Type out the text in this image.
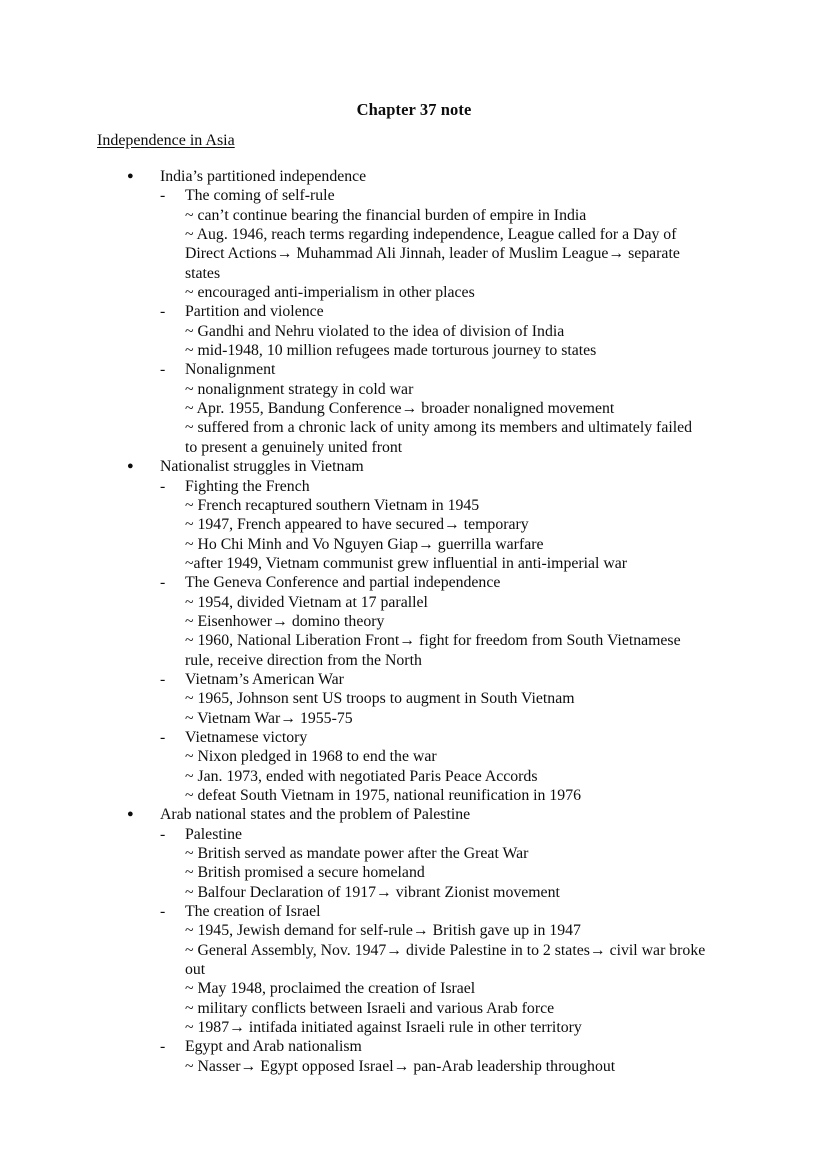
Chapter 37 note
Independence in Asia
● India’s partitioned independence
- The coming of self-rule
~ can’t continue bearing the financial burden of empire in India
~ Aug. 1946, reach terms regarding independence, League called for a Day of Direct Actions→ Muhammad Ali Jinnah, leader of Muslim League→ separate states
~ encouraged anti-imperialism in other places
- Partition and violence
~ Gandhi and Nehru violated to the idea of division of India
~ mid-1948, 10 million refugees made torturous journey to states
- Nonalignment
~ nonalignment strategy in cold war
~ Apr. 1955, Bandung Conference→ broader nonaligned movement
~ suffered from a chronic lack of unity among its members and ultimately failed to present a genuinely united front
● Nationalist struggles in Vietnam
- Fighting the French
~ French recaptured southern Vietnam in 1945
~ 1947, French appeared to have secured→ temporary
~ Ho Chi Minh and Vo Nguyen Giap→ guerrilla warfare
~after 1949, Vietnam communist grew influential in anti-imperial war
- The Geneva Conference and partial independence
~ 1954, divided Vietnam at 17 parallel
~ Eisenhower→ domino theory
~ 1960, National Liberation Front→ fight for freedom from South Vietnamese rule, receive direction from the North
- Vietnam’s American War
~ 1965, Johnson sent US troops to augment in South Vietnam
~ Vietnam War→ 1955-75
- Vietnamese victory
~ Nixon pledged in 1968 to end the war
~ Jan. 1973, ended with negotiated Paris Peace Accords
~ defeat South Vietnam in 1975, national reunification in 1976
● Arab national states and the problem of Palestine
- Palestine
~ British served as mandate power after the Great War
~ British promised a secure homeland
~ Balfour Declaration of 1917→ vibrant Zionist movement
- The creation of Israel
~ 1945, Jewish demand for self-rule→ British gave up in 1947
~ General Assembly, Nov. 1947→ divide Palestine in to 2 states→ civil war broke out
~ May 1948, proclaimed the creation of Israel
~ military conflicts between Israeli and various Arab force
~ 1987→ intifada initiated against Israeli rule in other territory
- Egypt and Arab nationalism
~ Nasser→ Egypt opposed Israel→ pan-Arab leadership throughout
